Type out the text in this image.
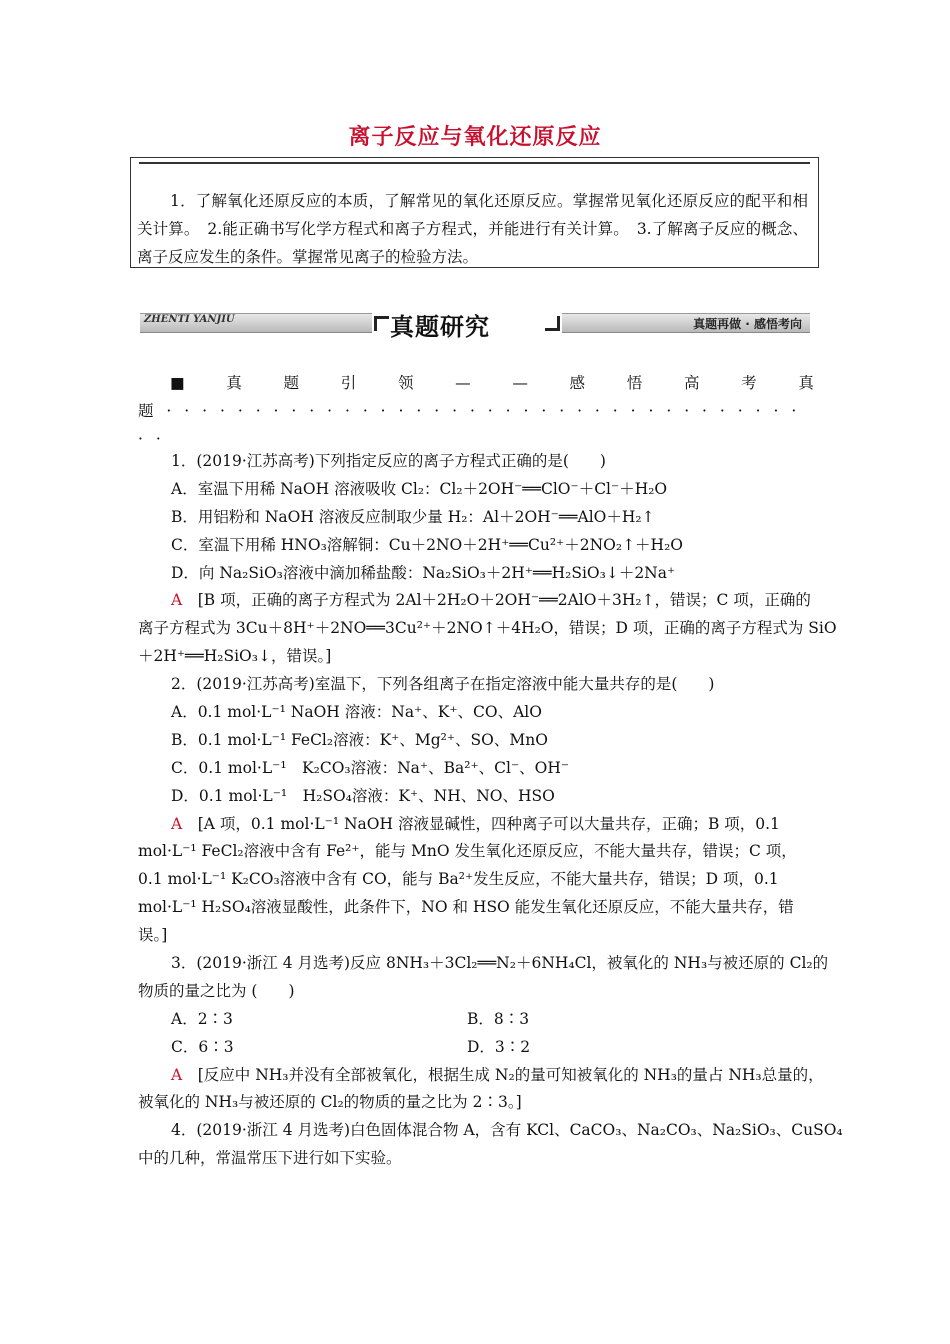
离子反应与氧化还原反应
1．了解氧化还原反应的本质，了解常见的氧化还原反应。掌握常见氧化还原反应的配平和相关计算。　2.能正确书写化学方程式和离子方程式，并能进行有关计算。　3.了解离子反应的概念、离子反应发生的条件。掌握常见离子的检验方法。
ZHENTI YANJIU	真题研究	真题再做 · 感悟考向
■	真	题	引	领	—	—	感	悟	高	考	真
题 · · · · · · · · · · · · · · · · · · · · · · · · · · · · · · · · · · · ·
· ·
1．(2019·江苏高考)下列指定反应的离子方程式正确的是(　　)
A．室温下用稀 NaOH 溶液吸收 Cl₂：Cl₂＋2OH⁻══ClO⁻＋Cl⁻＋H₂O
B．用铝粉和 NaOH 溶液反应制取少量 H₂：Al＋2OH⁻══AlO＋H₂↑
C．室温下用稀 HNO₃溶解铜：Cu＋2NO＋2H⁺══Cu²⁺＋2NO₂↑＋H₂O
D．向 Na₂SiO₃溶液中滴加稀盐酸：Na₂SiO₃＋2H⁺══H₂SiO₃↓＋2Na⁺
A　 [B 项，正确的离子方程式为 2Al＋2H₂O＋2OH⁻══2AlO＋3H₂↑，错误；C 项，正确的
离子方程式为 3Cu＋8H⁺＋2NO══3Cu²⁺＋2NO↑＋4H₂O，错误；D 项，正确的离子方程式为 SiO
＋2H⁺══H₂SiO₃↓，错误。]
2．(2019·江苏高考)室温下，下列各组离子在指定溶液中能大量共存的是(　　)
A．0.1 mol·L⁻¹ NaOH 溶液：Na⁺、K⁺、CO、AlO
B．0.1 mol·L⁻¹ FeCl₂溶液：K⁺、Mg²⁺、SO、MnO
C．0.1 mol·L⁻¹　K₂CO₃溶液：Na⁺、Ba²⁺、Cl⁻、OH⁻
D．0.1 mol·L⁻¹　H₂SO₄溶液：K⁺、NH、NO、HSO
A　 [A 项，0.1 mol·L⁻¹ NaOH 溶液显碱性，四种离子可以大量共存，正确；B 项，0.1
mol·L⁻¹ FeCl₂溶液中含有 Fe²⁺，能与 MnO 发生氧化还原反应，不能大量共存，错误；C 项，
0.1 mol·L⁻¹ K₂CO₃溶液中含有 CO，能与 Ba²⁺发生反应，不能大量共存，错误；D 项，0.1
mol·L⁻¹ H₂SO₄溶液显酸性，此条件下，NO 和 HSO 能发生氧化还原反应，不能大量共存，错
误。]
3．(2019·浙江 4 月选考)反应 8NH₃＋3Cl₂══N₂＋6NH₄Cl，被氧化的 NH₃与被还原的 Cl₂的
物质的量之比为 (　　)
A．2∶3	B．8∶3
C．6∶3	D．3∶2
A　 [反应中 NH₃并没有全部被氧化，根据生成 N₂的量可知被氧化的 NH₃的量占 NH₃总量的，
被氧化的 NH₃与被还原的 Cl₂的物质的量之比为 2∶3。]
4．(2019·浙江 4 月选考)白色固体混合物 A，含有 KCl、CaCO₃、Na₂CO₃、Na₂SiO₃、CuSO₄
中的几种，常温常压下进行如下实验。
